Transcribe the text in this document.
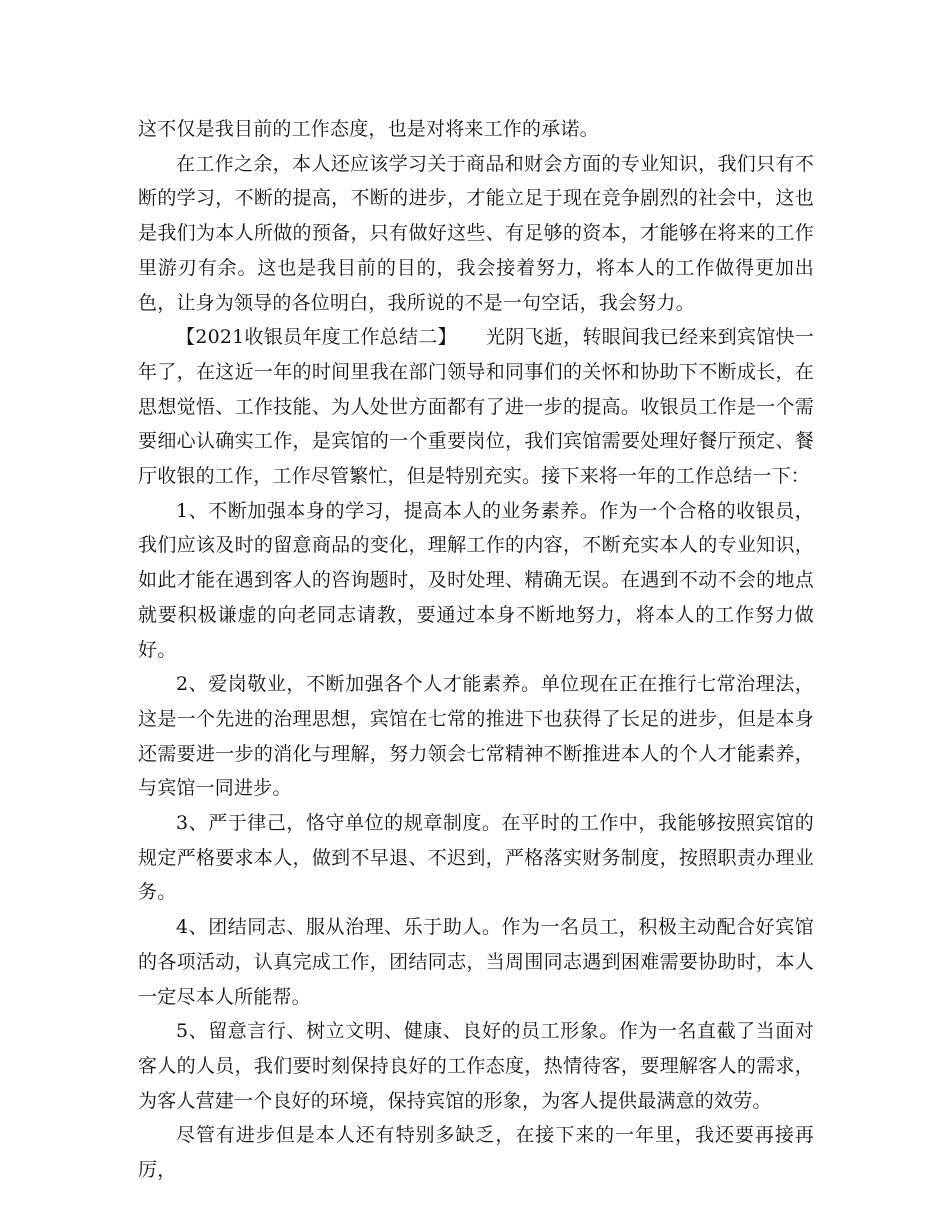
这不仅是我目前的工作态度，也是对将来工作的承诺。

在工作之余，本人还应该学习关于商品和财会方面的专业知识，我们只有不断的学习，不断的提高，不断的进步，才能立足于现在竞争剧烈的社会中，这也是我们为本人所做的预备，只有做好这些、有足够的资本，才能够在将来的工作里游刃有余。这也是我目前的目的，我会接着努力，将本人的工作做得更加出色，让身为领导的各位明白，我所说的不是一句空话，我会努力。

【2021收银员年度工作总结二】　　光阴飞逝，转眼间我已经来到宾馆快一年了，在这近一年的时间里我在部门领导和同事们的关怀和协助下不断成长，在思想觉悟、工作技能、为人处世方面都有了进一步的提高。收银员工作是一个需要细心认确实工作，是宾馆的一个重要岗位，我们宾馆需要处理好餐厅预定、餐厅收银的工作，工作尽管繁忙，但是特别充实。接下来将一年的工作总结一下：

1、不断加强本身的学习，提高本人的业务素养。作为一个合格的收银员，我们应该及时的留意商品的变化，理解工作的内容，不断充实本人的专业知识，如此才能在遇到客人的咨询题时，及时处理、精确无误。在遇到不动不会的地点就要积极谦虚的向老同志请教，要通过本身不断地努力，将本人的工作努力做好。

2、爱岗敬业，不断加强各个人才能素养。单位现在正在推行七常治理法，这是一个先进的治理思想，宾馆在七常的推进下也获得了长足的进步，但是本身还需要进一步的消化与理解，努力领会七常精神不断推进本人的个人才能素养，与宾馆一同进步。

3、严于律己，恪守单位的规章制度。在平时的工作中，我能够按照宾馆的规定严格要求本人，做到不早退、不迟到，严格落实财务制度，按照职责办理业务。

4、团结同志、服从治理、乐于助人。作为一名员工，积极主动配合好宾馆的各项活动，认真完成工作，团结同志，当周围同志遇到困难需要协助时，本人一定尽本人所能帮。

5、留意言行、树立文明、健康、良好的员工形象。作为一名直截了当面对客人的人员，我们要时刻保持良好的工作态度，热情待客，要理解客人的需求，为客人营建一个良好的环境，保持宾馆的形象，为客人提供最满意的效劳。

尽管有进步但是本人还有特别多缺乏，在接下来的一年里，我还要再接再厉，
